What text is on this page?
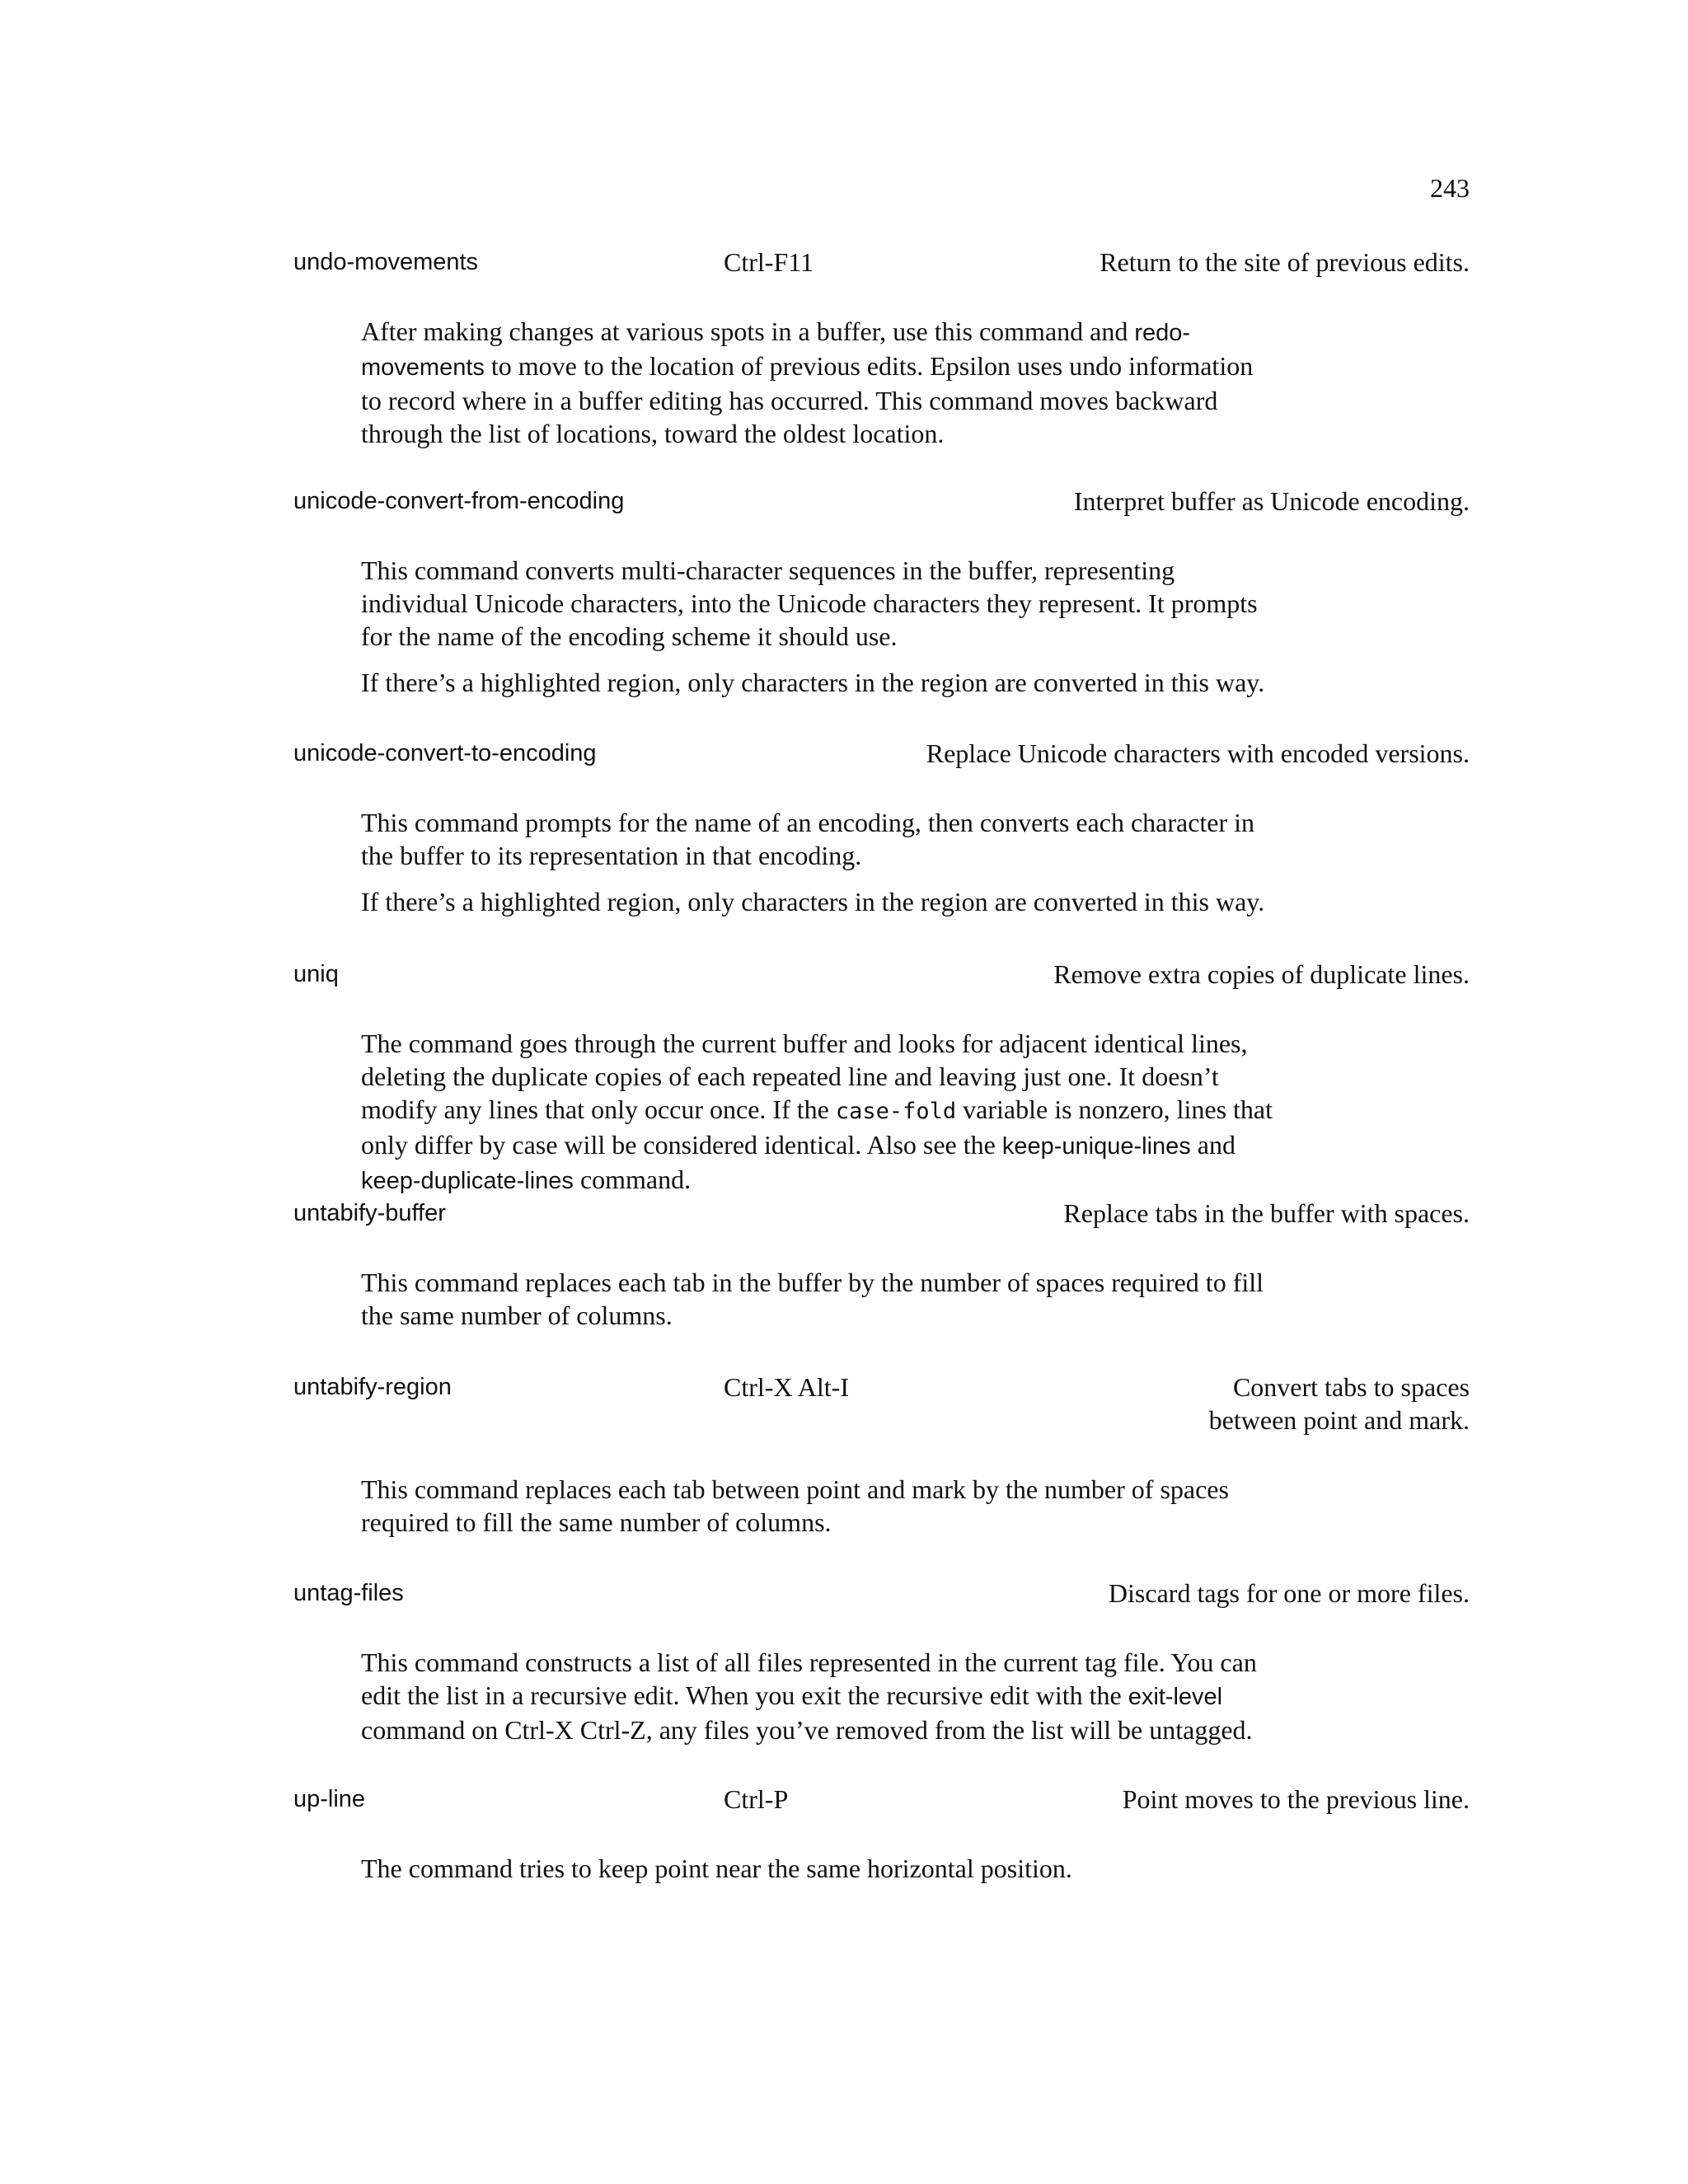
243
undo-movements	Ctrl-F11	Return to the site of previous edits.

After making changes at various spots in a buffer, use this command and redo-movements to move to the location of previous edits. Epsilon uses undo information to record where in a buffer editing has occurred. This command moves backward through the list of locations, toward the oldest location.

unicode-convert-from-encoding	Interpret buffer as Unicode encoding.

This command converts multi-character sequences in the buffer, representing individual Unicode characters, into the Unicode characters they represent. It prompts for the name of the encoding scheme it should use.

If there’s a highlighted region, only characters in the region are converted in this way.

unicode-convert-to-encoding	Replace Unicode characters with encoded versions.

This command prompts for the name of an encoding, then converts each character in the buffer to its representation in that encoding.

If there’s a highlighted region, only characters in the region are converted in this way.

uniq	Remove extra copies of duplicate lines.

The command goes through the current buffer and looks for adjacent identical lines, deleting the duplicate copies of each repeated line and leaving just one. It doesn’t modify any lines that only occur once. If the case-fold variable is nonzero, lines that only differ by case will be considered identical. Also see the keep-unique-lines and keep-duplicate-lines command.

untabify-buffer	Replace tabs in the buffer with spaces.

This command replaces each tab in the buffer by the number of spaces required to fill the same number of columns.

untabify-region	Ctrl-X Alt-I	Convert tabs to spaces
between point and mark.

This command replaces each tab between point and mark by the number of spaces required to fill the same number of columns.

untag-files	Discard tags for one or more files.

This command constructs a list of all files represented in the current tag file. You can edit the list in a recursive edit. When you exit the recursive edit with the exit-level command on Ctrl-X Ctrl-Z, any files you’ve removed from the list will be untagged.

up-line	Ctrl-P	Point moves to the previous line.

The command tries to keep point near the same horizontal position.
